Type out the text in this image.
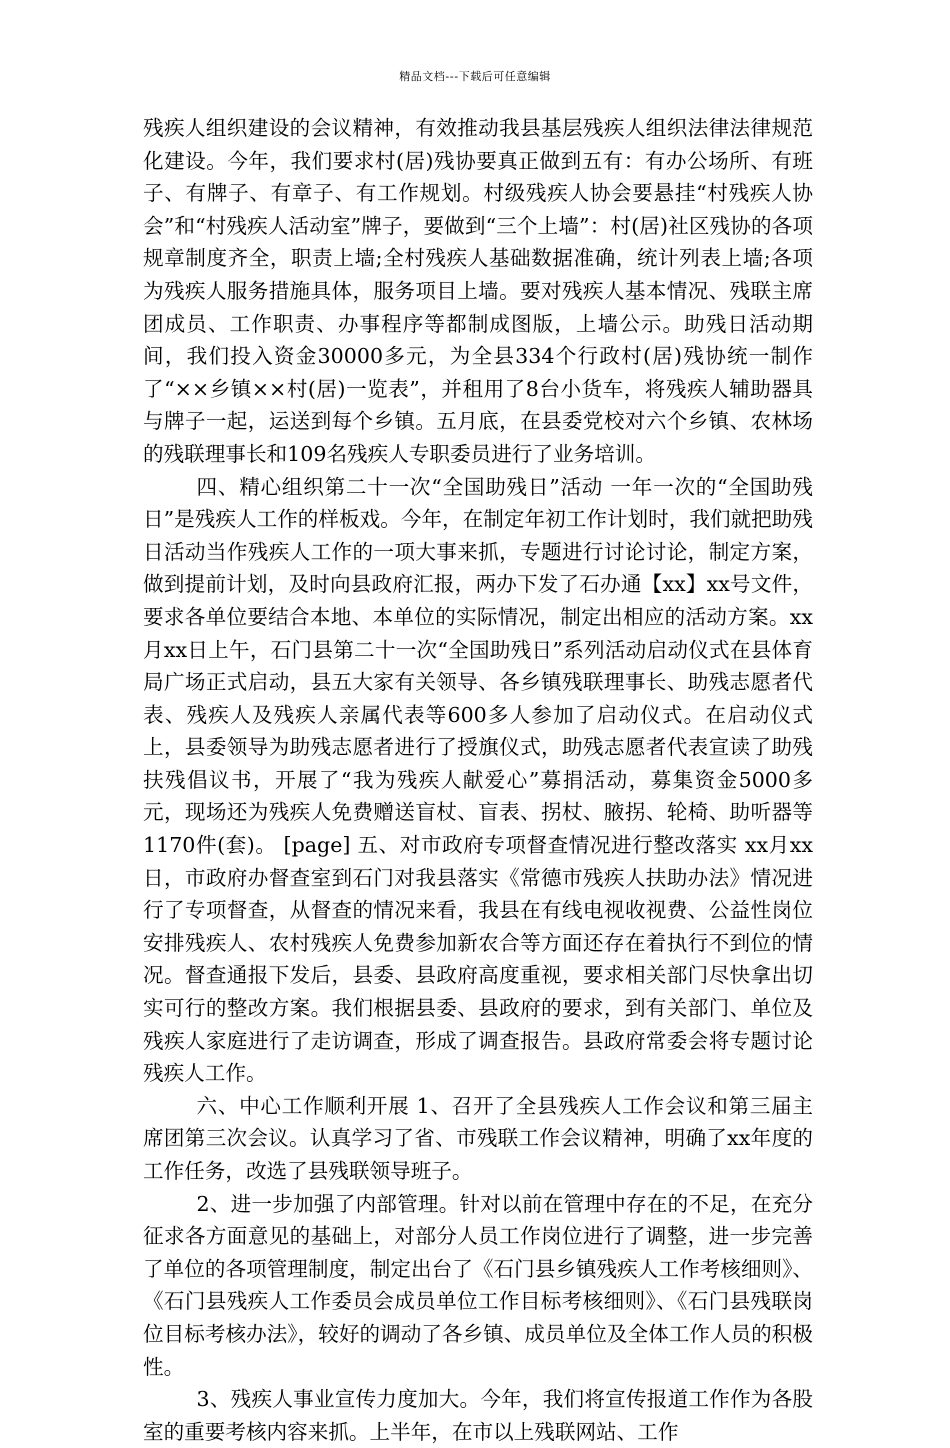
精品文档---下载后可任意编辑

残疾人组织建设的会议精神，有效推动我县基层残疾人组织法律法律规范化建设。今年，我们要求村(居)残协要真正做到五有：有办公场所、有班子、有牌子、有章子、有工作规划。村级残疾人协会要悬挂“村残疾人协会”和“村残疾人活动室”牌子，要做到“三个上墙”：村(居)社区残协的各项规章制度齐全，职责上墙;全村残疾人基础数据准确，统计列表上墙;各项为残疾人服务措施具体，服务项目上墙。要对残疾人基本情况、残联主席团成员、工作职责、办事程序等都制成图版，上墙公示。助残日活动期间，我们投入资金30000多元，为全县334个行政村(居)残协统一制作了“××乡镇××村(居)一览表”，并租用了8台小货车，将残疾人辅助器具与牌子一起，运送到每个乡镇。五月底，在县委党校对六个乡镇、农林场的残联理事长和109名残疾人专职委员进行了业务培训。

四、精心组织第二十一次“全国助残日”活动 一年一次的“全国助残日”是残疾人工作的样板戏。今年，在制定年初工作计划时，我们就把助残日活动当作残疾人工作的一项大事来抓，专题进行讨论讨论，制定方案，做到提前计划，及时向县政府汇报，两办下发了石办通【xx】xx号文件，要求各单位要结合本地、本单位的实际情况，制定出相应的活动方案。xx月xx日上午，石门县第二十一次“全国助残日”系列活动启动仪式在县体育局广场正式启动，县五大家有关领导、各乡镇残联理事长、助残志愿者代表、残疾人及残疾人亲属代表等600多人参加了启动仪式。在启动仪式上，县委领导为助残志愿者进行了授旗仪式，助残志愿者代表宣读了助残扶残倡议书，开展了“我为残疾人献爱心”募捐活动，募集资金5000多元，现场还为残疾人免费赠送盲杖、盲表、拐杖、腋拐、轮椅、助听器等1170件(套)。 [page] 五、对市政府专项督查情况进行整改落实 xx月xx日，市政府办督查室到石门对我县落实《常德市残疾人扶助办法》情况进行了专项督查，从督查的情况来看，我县在有线电视收视费、公益性岗位安排残疾人、农村残疾人免费参加新农合等方面还存在着执行不到位的情况。督查通报下发后，县委、县政府高度重视，要求相关部门尽快拿出切实可行的整改方案。我们根据县委、县政府的要求，到有关部门、单位及残疾人家庭进行了走访调查，形成了调查报告。县政府常委会将专题讨论残疾人工作。

六、中心工作顺利开展 1、召开了全县残疾人工作会议和第三届主席团第三次会议。认真学习了省、市残联工作会议精神，明确了xx年度的工作任务，改选了县残联领导班子。

2、进一步加强了内部管理。针对以前在管理中存在的不足，在充分征求各方面意见的基础上，对部分人员工作岗位进行了调整，进一步完善了单位的各项管理制度，制定出台了《石门县乡镇残疾人工作考核细则》、《石门县残疾人工作委员会成员单位工作目标考核细则》、《石门县残联岗位目标考核办法》，较好的调动了各乡镇、成员单位及全体工作人员的积极性。

3、残疾人事业宣传力度加大。今年，我们将宣传报道工作作为各股室的重要考核内容来抓。上半年，在市以上残联网站、工作
